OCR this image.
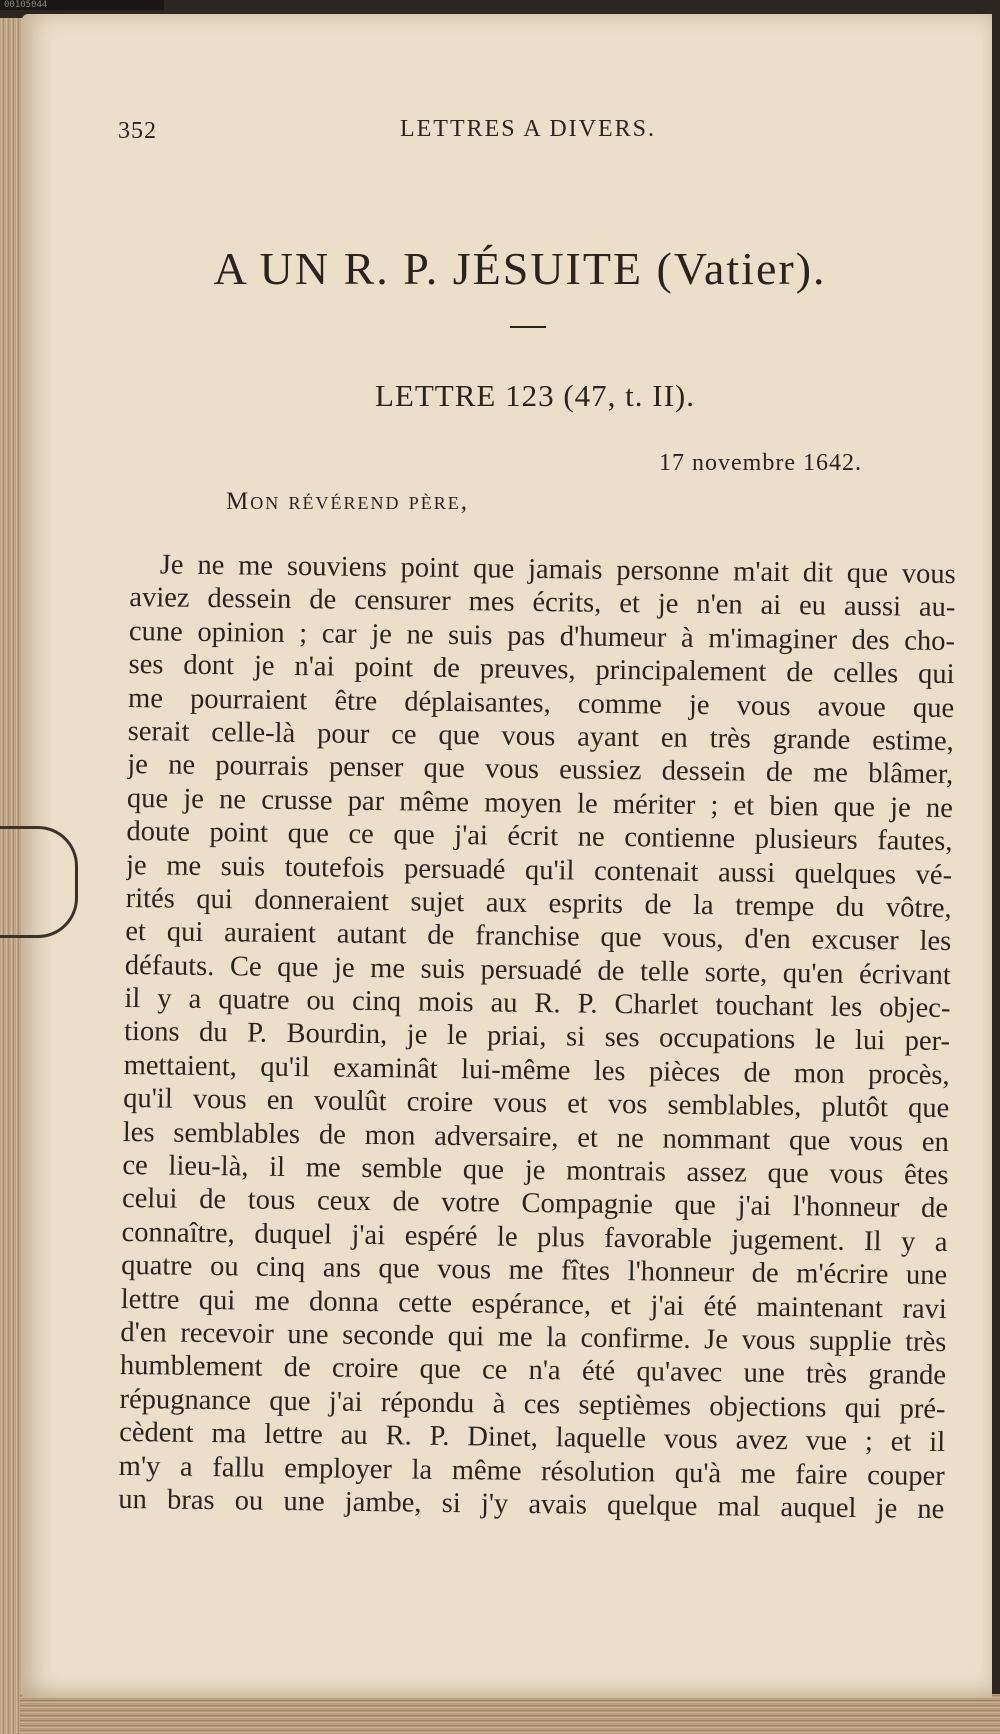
00105044
352	LETTRES A DIVERS.
A UN R. P. JÉSUITE (Vatier).
LETTRE 123 (47, t. II).
17 novembre 1642.
Mon révérend père,
Je ne me souviens point que jamais personne m'ait dit que vous
aviez dessein de censurer mes écrits, et je n'en ai eu aussi au-
cune opinion ; car je ne suis pas d'humeur à m'imaginer des cho-
ses dont je n'ai point de preuves, principalement de celles qui
me pourraient être déplaisantes, comme je vous avoue que
serait celle-là pour ce que vous ayant en très grande estime,
je ne pourrais penser que vous eussiez dessein de me blâmer,
que je ne crusse par même moyen le mériter ; et bien que je ne
doute point que ce que j'ai écrit ne contienne plusieurs fautes,
je me suis toutefois persuadé qu'il contenait aussi quelques vé-
rités qui donneraient sujet aux esprits de la trempe du vôtre,
et qui auraient autant de franchise que vous, d'en excuser les
défauts. Ce que je me suis persuadé de telle sorte, qu'en écrivant
il y a quatre ou cinq mois au R. P. Charlet touchant les objec-
tions du P. Bourdin, je le priai, si ses occupations le lui per-
mettaient, qu'il examinât lui-même les pièces de mon procès,
qu'il vous en voulût croire vous et vos semblables, plutôt que
les semblables de mon adversaire, et ne nommant que vous en
ce lieu-là, il me semble que je montrais assez que vous êtes
celui de tous ceux de votre Compagnie que j'ai l'honneur de
connaître, duquel j'ai espéré le plus favorable jugement. Il y a
quatre ou cinq ans que vous me fîtes l'honneur de m'écrire une
lettre qui me donna cette espérance, et j'ai été maintenant ravi
d'en recevoir une seconde qui me la confirme. Je vous supplie très
humblement de croire que ce n'a été qu'avec une très grande
répugnance que j'ai répondu à ces septièmes objections qui pré-
cèdent ma lettre au R. P. Dinet, laquelle vous avez vue ; et il
m'y a fallu employer la même résolution qu'à me faire couper
un bras ou une jambe, si j'y avais quelque mal auquel je ne
